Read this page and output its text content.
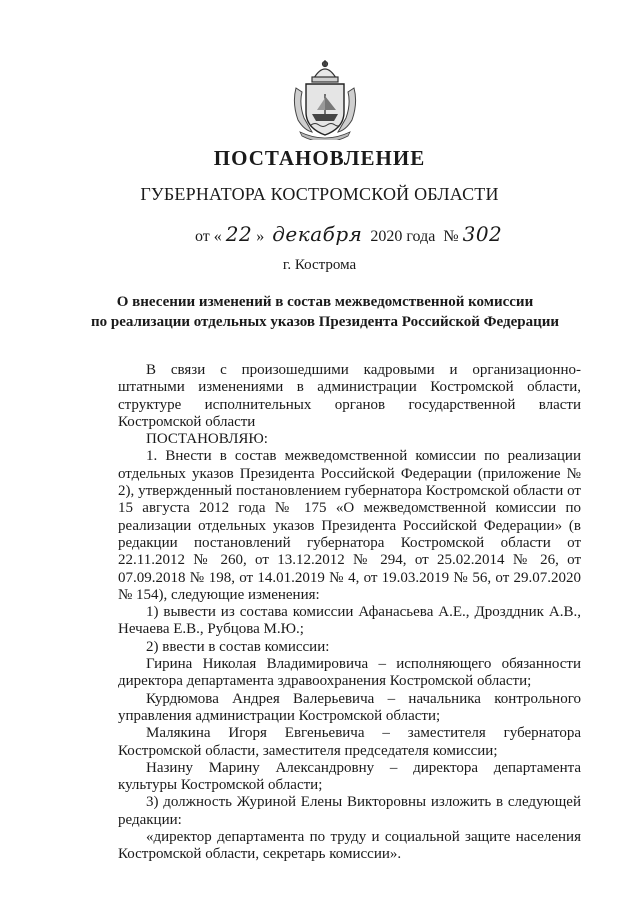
ПОСТАНОВЛЕНИЕ
ГУБЕРНАТОРА КОСТРОМСКОЙ ОБЛАСТИ
от « 22 » декабря 2020 года № 302
г. Кострома
О внесении изменений в состав межведомственной комиссии
по реализации отдельных указов Президента Российской Федерации

В связи с произошедшими кадровыми и организационно-штатными изменениями в администрации Костромской области, структуре исполнительных органов государственной власти Костромской области

ПОСТАНОВЛЯЮ:

1. Внести в состав межведомственной комиссии по реализации отдельных указов Президента Российской Федерации (приложение № 2), утвержденный постановлением губернатора Костромской области от 15 августа 2012 года № 175 «О межведомственной комиссии по реализации отдельных указов Президента Российской Федерации» (в редакции постановлений губернатора Костромской области от 22.11.2012 № 260, от 13.12.2012 № 294, от 25.02.2014 № 26, от 07.09.2018 № 198, от 14.01.2019 № 4, от 19.03.2019 № 56, от 29.07.2020 № 154), следующие изменения:

1) вывести из состава комиссии Афанасьева А.Е., Дрозддник А.В., Нечаева Е.В., Рубцова М.Ю.;

2) ввести в состав комиссии:

Гирина Николая Владимировича – исполняющего обязанности директора департамента здравоохранения Костромской области;

Курдюмова Андрея Валерьевича – начальника контрольного управления администрации Костромской области;

Малякина Игоря Евгеньевича – заместителя губернатора Костромской области, заместителя председателя комиссии;

Назину Марину Александровну – директора департамента культуры Костромской области;

3) должность Журиной Елены Викторовны изложить в следующей редакции:

«директор департамента по труду и социальной защите населения Костромской области, секретарь комиссии».
